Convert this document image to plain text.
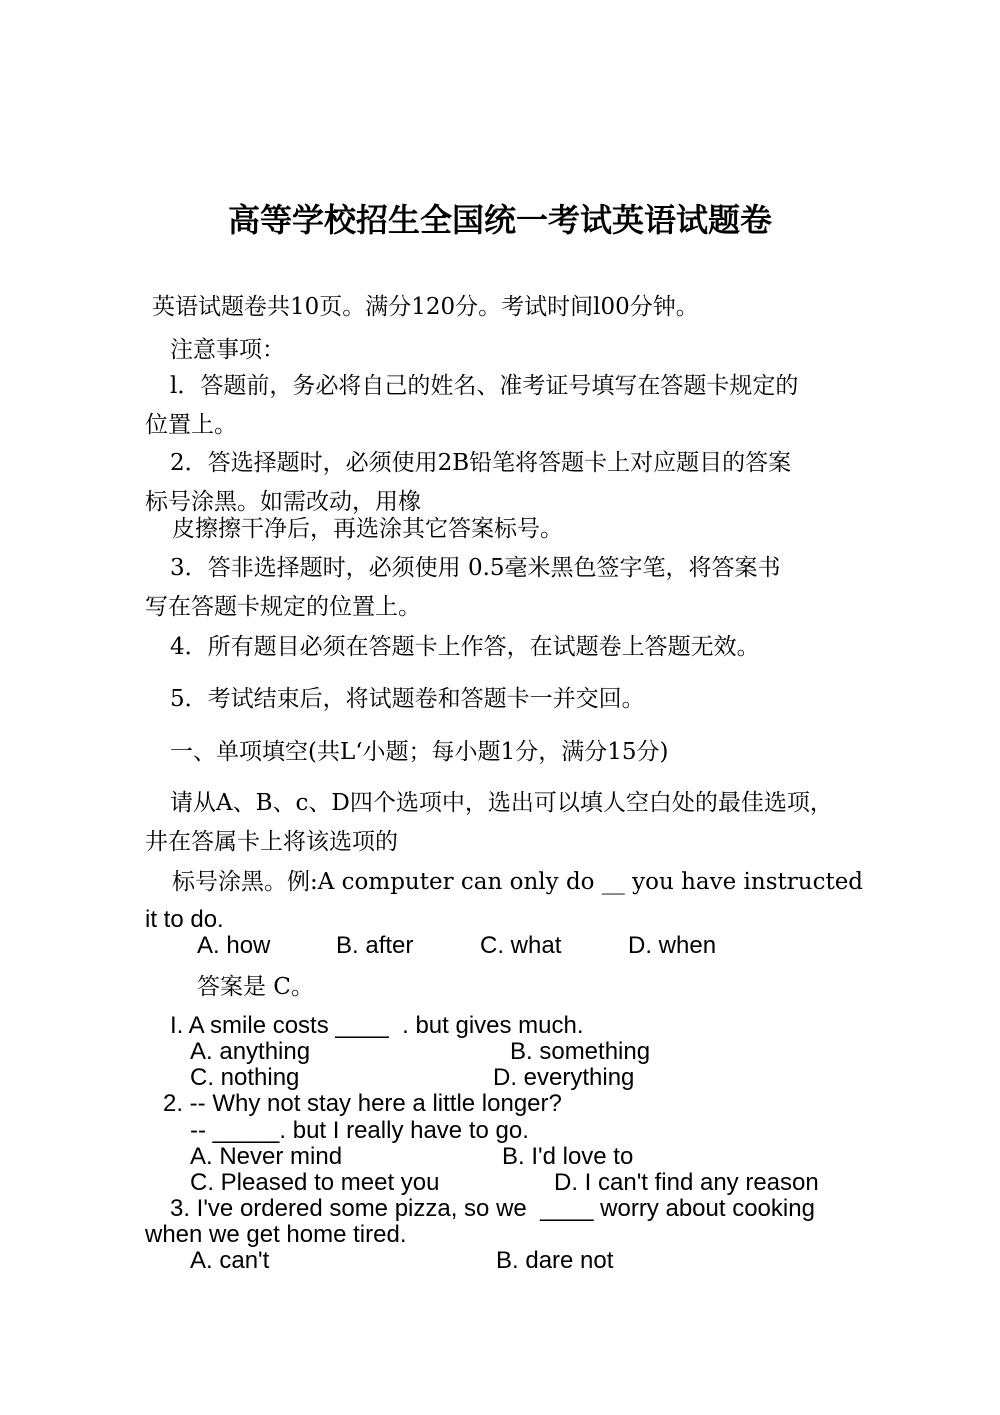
高等学校招生全国统一考试英语试题卷
英语试题卷共10页。满分120分。考试时间l00分钟。
注意事项：
l．答题前，务必将自己的姓名、准考证号填写在答题卡规定的
位置上。
2．答选择题时，必须使用2B铅笔将答题卡上对应题目的答案
标号涂黑。如需改动，用橡
皮擦擦干净后，再选涂其它答案标号。
3．答非选择题时，必须使用 0.5毫米黑色签字笔，将答案书
写在答题卡规定的位置上。
4．所有题目必须在答题卡上作答，在试题卷上答题无效。
5．考试结束后，将试题卷和答题卡一并交回。
一、单项填空(共L‘小题；每小题1分，满分15分)
请从A、B、c、D四个选项中，选出可以填人空白处的最佳选项，
井在答属卡上将该选项的
标号涂黑。例:A computer can only do __ you have instructed
it to do.
A. how	B. after	C. what	D. when
答案是 C。
I. A smile costs ____  . but gives much.
A. anything	B. something
C. nothing	D. everything
2. -- Why not stay here a little longer?
-- _____. but I really have to go.
A. Never mind	B. I'd love to
C. Pleased to meet you	D. I can't find any reason
3. I've ordered some pizza, so we  ____ worry about cooking
when we get home tired.
A. can't	B. dare not
